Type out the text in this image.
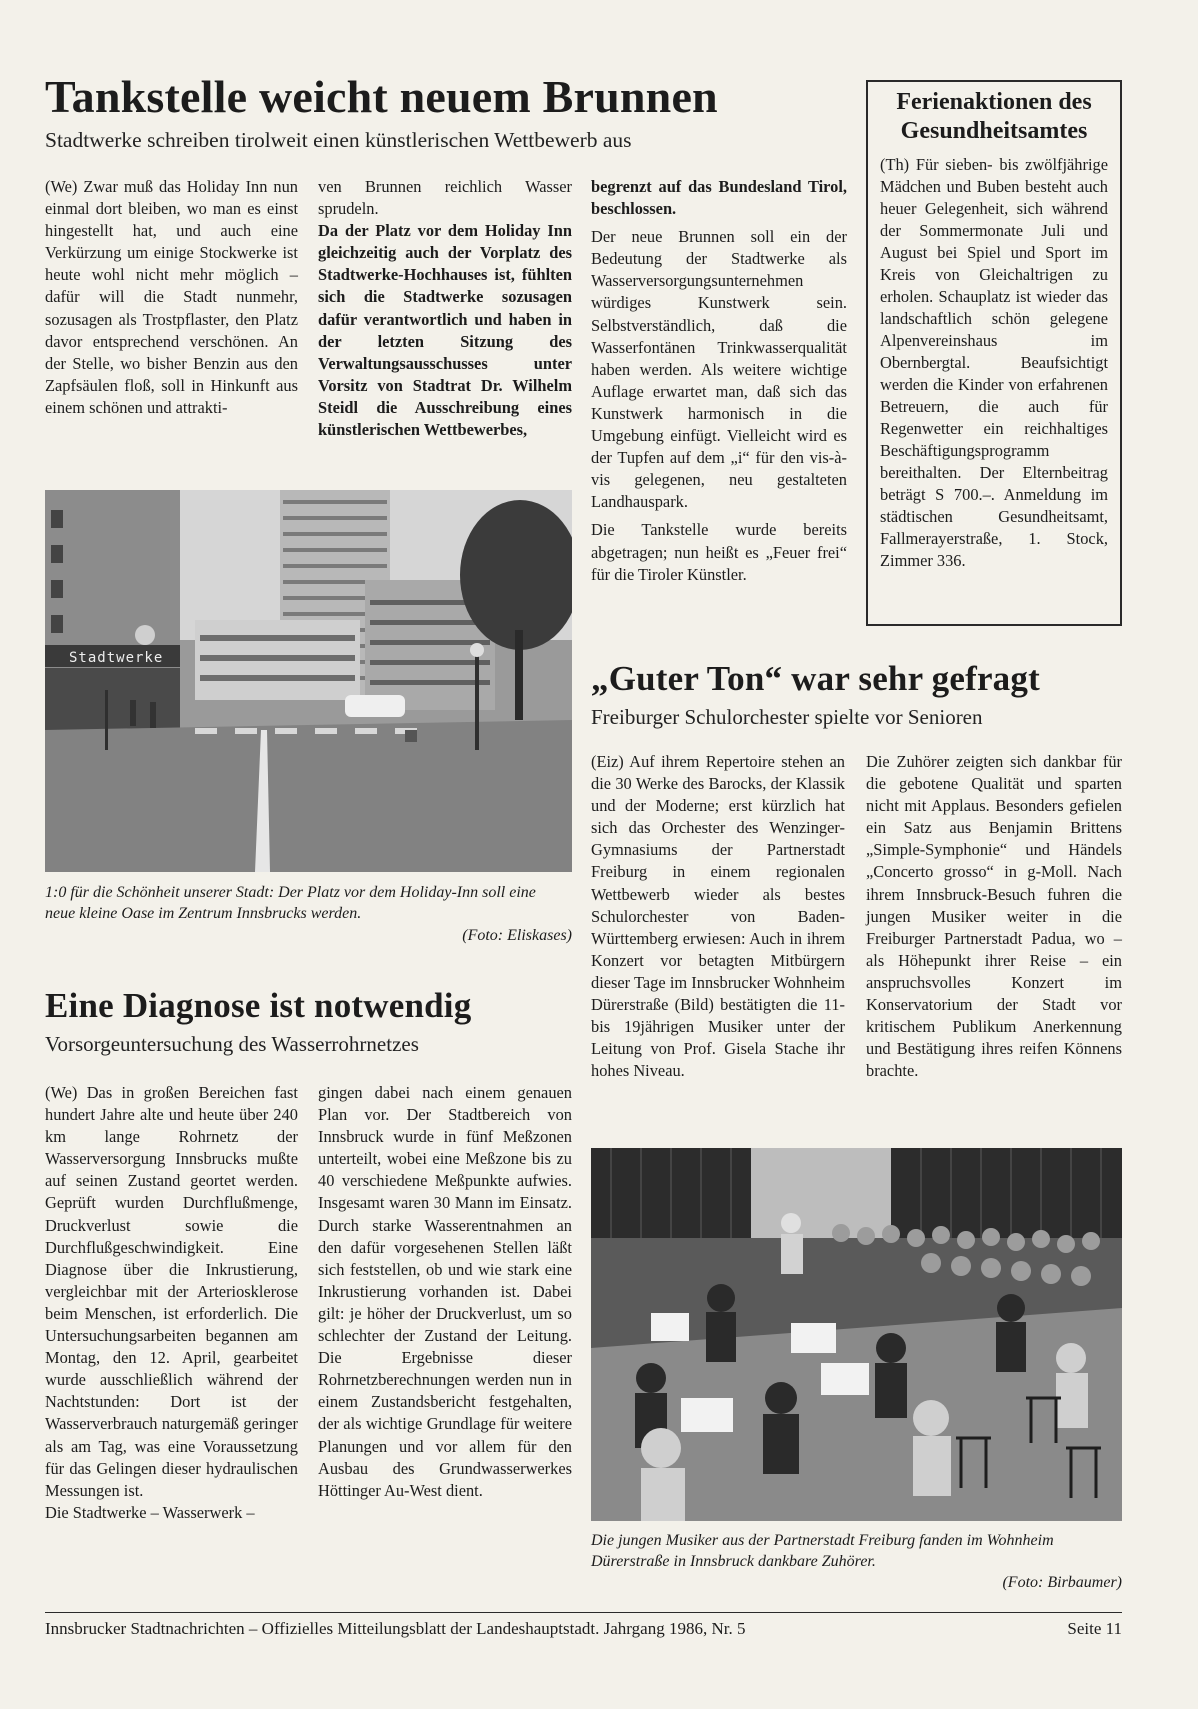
Tankstelle weicht neuem Brunnen
Stadtwerke schreiben tirolweit einen künstlerischen Wettbewerb aus

(We) Zwar muß das Holiday Inn nun einmal dort bleiben, wo man es einst hingestellt hat, und auch eine Verkürzung um einige Stockwerke ist heute wohl nicht mehr möglich – dafür will die Stadt nunmehr, sozusagen als Trostpflaster, den Platz davor entsprechend verschönen. An der Stelle, wo bisher Benzin aus den Zapfsäulen floß, soll in Hinkunft aus einem schönen und attrakti-

ven Brunnen reichlich Wasser sprudeln.

Da der Platz vor dem Holiday Inn gleichzeitig auch der Vorplatz des Stadtwerke-Hochhauses ist, fühlten sich die Stadtwerke sozusagen dafür verantwortlich und haben in der letzten Sitzung des Verwaltungsausschusses unter Vorsitz von Stadtrat Dr. Wilhelm Steidl die Ausschreibung eines künstlerischen Wettbewerbes,

begrenzt auf das Bundesland Tirol, beschlossen.

Der neue Brunnen soll ein der Bedeutung der Stadtwerke als Wasserversorgungsunternehmen würdiges Kunstwerk sein. Selbstverständlich, daß die Wasserfontänen Trinkwasserqualität haben werden. Als weitere wichtige Auflage erwartet man, daß sich das Kunstwerk harmonisch in die Umgebung einfügt. Vielleicht wird es der Tupfen auf dem „i“ für den vis-à-vis gelegenen, neu gestalteten Landhauspark.

Die Tankstelle wurde bereits abgetragen; nun heißt es „Feuer frei“ für die Tiroler Künstler.

Stadtwerke
1:0 für die Schönheit unserer Stadt: Der Platz vor dem Holiday-Inn soll eine neue kleine Oase im Zentrum Innsbrucks werden.
(Foto: Eliskases)
Ferienaktionen des
Gesundheitsamtes
(Th) Für sieben- bis zwölfjährige Mädchen und Buben besteht auch heuer Gelegenheit, sich während der Sommermonate Juli und August bei Spiel und Sport im Kreis von Gleichaltrigen zu erholen. Schauplatz ist wieder das landschaftlich schön gelegene Alpenvereinshaus im Obernbergtal. Beaufsichtigt werden die Kinder von erfahrenen Betreuern, die auch für Regenwetter ein reichhaltiges Beschäftigungsprogramm bereithalten. Der Elternbeitrag beträgt S 700.–. Anmeldung im städtischen Gesundheitsamt, Fallmerayerstraße, 1. Stock, Zimmer 336.
„Guter Ton“ war sehr gefragt
Freiburger Schulorchester spielte vor Senioren

(Eiz) Auf ihrem Repertoire stehen an die 30 Werke des Barocks, der Klassik und der Moderne; erst kürzlich hat sich das Orchester des Wenzinger-Gymnasiums der Partnerstadt Freiburg in einem regionalen Wettbewerb wieder als bestes Schulorchester von Baden-Württemberg erwiesen: Auch in ihrem Konzert vor betagten Mitbürgern dieser Tage im Innsbrucker Wohnheim Dürerstraße (Bild) bestätigten die 11- bis 19jährigen Musiker unter der Leitung von Prof. Gisela Stache ihr hohes Niveau.

Die Zuhörer zeigten sich dankbar für die gebotene Qualität und sparten nicht mit Applaus. Besonders gefielen ein Satz aus Benjamin Brittens „Simple-Symphonie“ und Händels „Concerto grosso“ in g-Moll. Nach ihrem Innsbruck-Besuch fuhren die jungen Musiker weiter in die Freiburger Partnerstadt Padua, wo – als Höhepunkt ihrer Reise – ein anspruchsvolles Konzert im Konservatorium der Stadt vor kritischem Publikum Anerkennung und Bestätigung ihres reifen Könnens brachte.

Die jungen Musiker aus der Partnerstadt Freiburg fanden im Wohnheim Dürerstraße in Innsbruck dankbare Zuhörer.
(Foto: Birbaumer)
Eine Diagnose ist notwendig
Vorsorgeuntersuchung des Wasserrohrnetzes

(We) Das in großen Bereichen fast hundert Jahre alte und heute über 240 km lange Rohrnetz der Wasserversorgung Innsbrucks mußte auf seinen Zustand geortet werden. Geprüft wurden Durchflußmenge, Druckverlust sowie die Durchflußgeschwindigkeit. Eine Diagnose über die Inkrustierung, vergleichbar mit der Arteriosklerose beim Menschen, ist erforderlich. Die Untersuchungsarbeiten begannen am Montag, den 12. April, gearbeitet wurde ausschließlich während der Nachtstunden: Dort ist der Wasserverbrauch naturgemäß geringer als am Tag, was eine Voraussetzung für das Gelingen dieser hydraulischen Messungen ist.

Die Stadtwerke – Wasserwerk –

gingen dabei nach einem genauen Plan vor. Der Stadtbereich von Innsbruck wurde in fünf Meßzonen unterteilt, wobei eine Meßzone bis zu 40 verschiedene Meßpunkte aufwies. Insgesamt waren 30 Mann im Einsatz. Durch starke Wasserentnahmen an den dafür vorgesehenen Stellen läßt sich feststellen, ob und wie stark eine Inkrustierung vorhanden ist. Dabei gilt: je höher der Druckverlust, um so schlechter der Zustand der Leitung. Die Ergebnisse dieser Rohrnetzberechnungen werden nun in einem Zustandsbericht festgehalten, der als wichtige Grundlage für weitere Planungen und vor allem für den Ausbau des Grundwasserwerkes Höttinger Au-West dient.

Innsbrucker Stadtnachrichten – Offizielles Mitteilungsblatt der Landeshauptstadt. Jahrgang 1986, Nr. 5	Seite 11
